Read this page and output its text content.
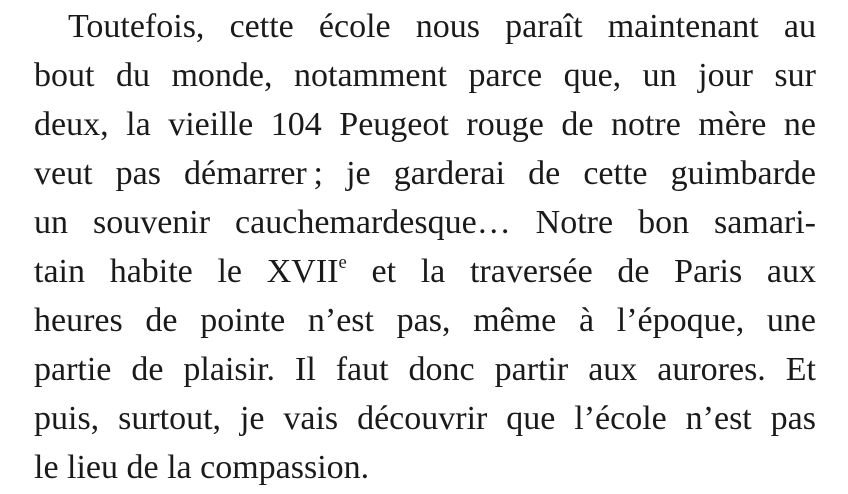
Toutefois, cette école nous paraît maintenant au
bout du monde, notamment parce que, un jour sur
deux, la vieille 104 Peugeot rouge de notre mère ne
veut pas démarrer ; je garderai de cette guimbarde
un souvenir cauchemardesque… Notre bon samari-
tain habite le XVIIe et la traversée de Paris aux
heures de pointe n’est pas, même à l’époque, une
partie de plaisir. Il faut donc partir aux aurores. Et
puis, surtout, je vais découvrir que l’école n’est pas
le lieu de la compassion.
